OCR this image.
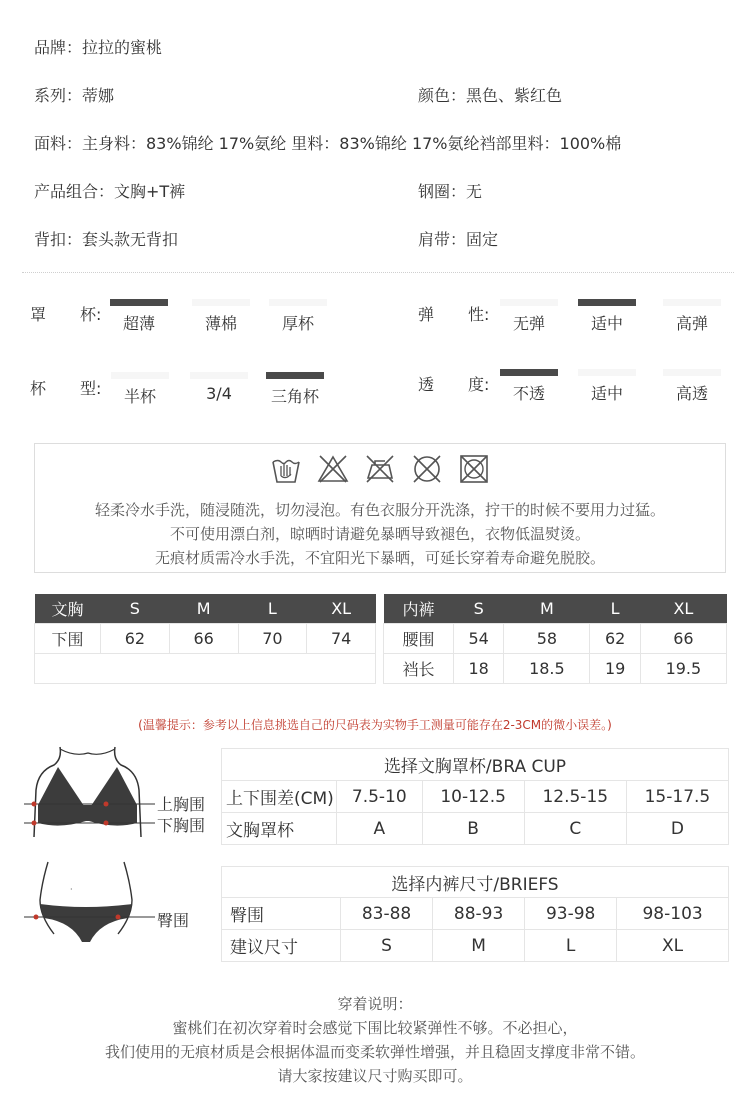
品牌：拉拉的蜜桃
系列：蒂娜	颜色：黑色、紫红色
面料：主身料：83%锦纶 17%氨纶 里料：83%锦纶 17%氨纶裆部里料：100%棉
产品组合：文胸+T裤	钢圈：无
背扣：套头款无背扣	肩带：固定
罩 杯:	超薄	薄棉	厚杯	弹 性:	无弹	适中	高弹
杯 型:	半杯	3/4	三角杯
透 度:	不透	适中	高透

轻柔冷水手洗，随浸随洗，切勿浸泡。有色衣服分开洗涤，拧干的时候不要用力过猛。
不可使用漂白剂，晾晒时请避免暴晒导致褪色，衣物低温熨烫。
无痕材质需冷水手洗，不宜阳光下暴晒，可延长穿着寿命避免脱胶。
文胸	S	M	L	XL
下围	62	66	70	74

内裤	S	M	L	XL
腰围	54	58	62	66
裆长	18	18.5	19	19.5
(温馨提示：参考以上信息挑选自己的尺码表为实物手工测量可能存在2-3CM的微小误差。)
上胸围
下胸围
选择文胸罩杯/BRA CUP				
上下围差(CM)	7.5-10	10-12.5	12.5-15	15-17.5
文胸罩杯	A	B	C	D
·
臀围
选择内裤尺寸/BRIEFS				
臀围	83-88	88-93	93-98	98-103
建议尺寸	S	M	L	XL
穿着说明：
蜜桃们在初次穿着时会感觉下围比较紧弹性不够。不必担心，
我们使用的无痕材质是会根据体温而变柔软弹性增强，并且稳固支撑度非常不错。
请大家按建议尺寸购买即可。
